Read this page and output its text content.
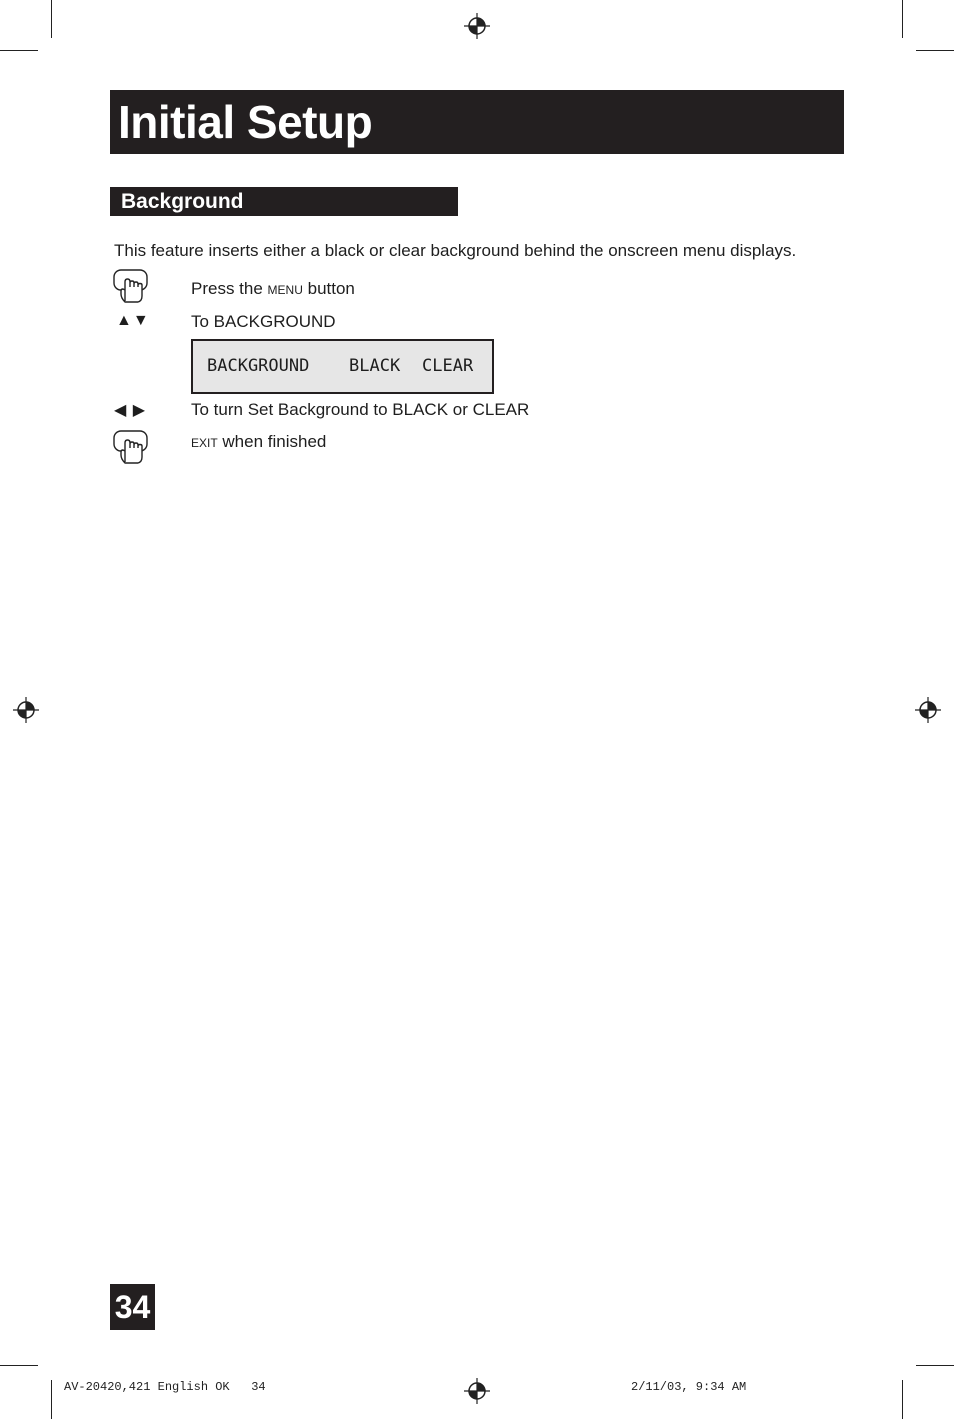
Initial Setup
Background
This feature inserts either a black or clear background behind the onscreen menu displays.
Press the MENU button
▲▼ To BACKGROUND

BACKGROUND

BLACK

CLEAR

◀ ▶	To turn Set Background to BLACK or CLEAR
EXIT when finished
34
AV-20420,421 English OK   34	2/11/03, 9:34 AM
